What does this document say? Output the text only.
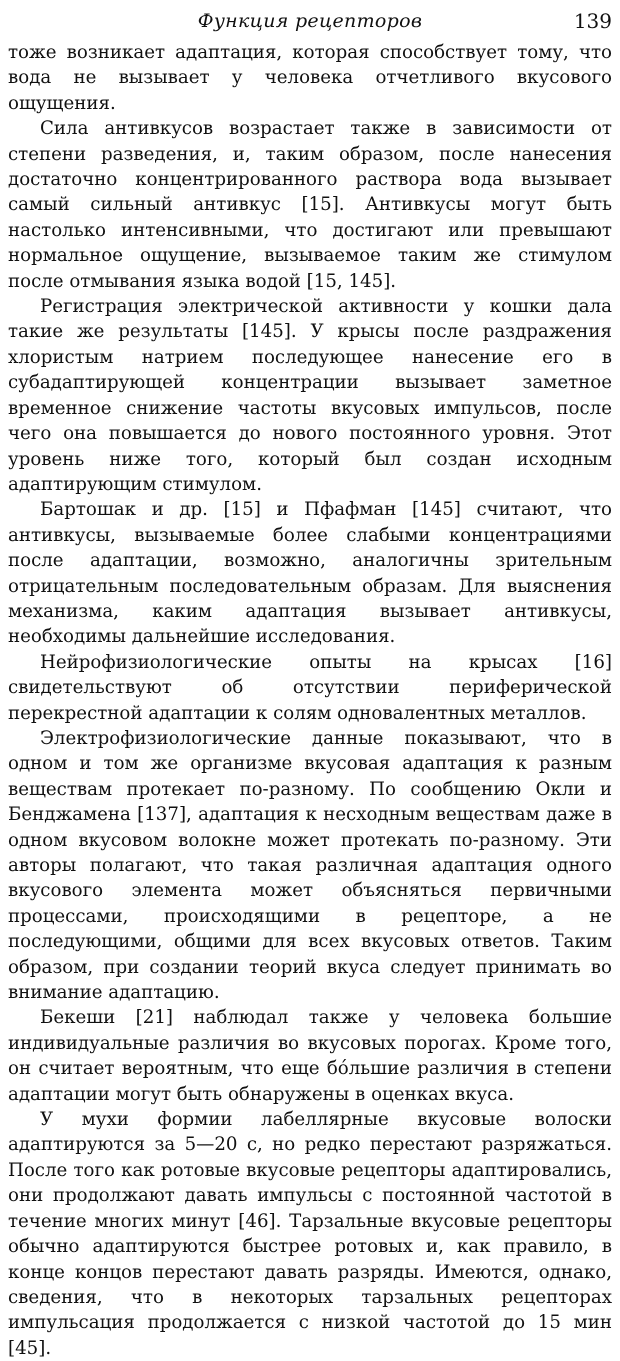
Функция рецепторов	139

тоже возникает адаптация, которая способствует тому, что вода не вызывает у человека отчетливого вкусового ощущения.

Сила антивкусов возрастает также в зависимости от степени разведения, и, таким образом, после нанесения достаточно концентрированного раствора вода вызывает самый сильный антивкус [15]. Антивкусы могут быть настолько интенсивными, что достигают или превышают нормальное ощущение, вызываемое таким же стимулом после отмывания языка водой [15, 145].

Регистрация электрической активности у кошки дала такие же результаты [145]. У крысы после раздражения хлористым натрием последующее нанесение его в субадаптирующей концентрации вызывает заметное временное снижение частоты вкусовых импульсов, после чего она повышается до нового постоянного уровня. Этот уровень ниже того, который был создан исходным адаптирующим стимулом.

Бартошак и др. [15] и Пфафман [145] считают, что антивкусы, вызываемые более слабыми концентрациями после адаптации, возможно, аналогичны зрительным отрицательным последовательным образам. Для выяснения механизма, каким адаптация вызывает антивкусы, необходимы дальнейшие исследования.

Нейрофизиологические опыты на крысах [16] свидетельствуют об отсутствии периферической перекрестной адаптации к солям одновалентных металлов.

Электрофизиологические данные показывают, что в одном и том же организме вкусовая адаптация к разным веществам протекает по-разному. По сообщению Окли и Бенджамена [137], адаптация к несходным веществам даже в одном вкусовом волокне может протекать по-разному. Эти авторы полагают, что такая различная адаптация одного вкусового элемента может объясняться первичными процессами, происходящими в рецепторе, а не последующими, общими для всех вкусовых ответов. Таким образом, при создании теорий вкуса следует принимать во внимание адаптацию.

Бекеши [21] наблюдал также у человека большие индивидуальные различия во вкусовых порогах. Кроме того, он считает вероятным, что еще бóльшие различия в степени адаптации могут быть обнаружены в оценках вкуса.

У мухи формии лабеллярные вкусовые волоски адаптируются за 5—20 с, но редко перестают разряжаться. После того как ротовые вкусовые рецепторы адаптировались, они продолжают давать импульсы с постоянной частотой в течение многих минут [46]. Тарзальные вкусовые рецепторы обычно адаптируются быстрее ротовых и, как правило, в конце концов перестают давать разряды. Имеются, однако, сведения, что в некоторых тарзальных рецепторах импульсация продолжается с низкой частотой до 15 мин [45].
